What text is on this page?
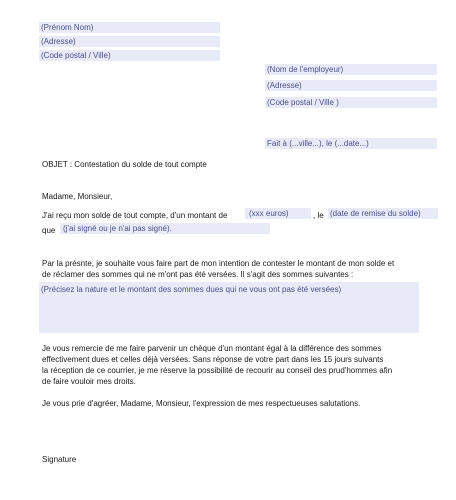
(Prénom Nom)
(Adresse)
(Code postal / Ville)
(Nom de l'employeur)
(Adresse)
(Code postal / Ville )
Fait à (...ville...), le (...date...)
OBJET : Contestation du solde de tout compte
Madame, Monsieur,
J'ai reçu mon solde de tout compte, d'un montant de	(xxx euros)	, le (date de remise du solde)
que (j'ai signé ou je n'ai pas signé).
Par la présnte, je souhaite vous faire part de mon intention de contester le montant de mon solde et
de réclamer des sommes qui ne m'ont pas été versées. Il s'agit des sommes suivantes :
(Précisez la nature et le montant des sommes dues qui ne vous ont pas été versées)
Je vous remercie de me faire parvenir un chèque d'un montant égal à la différence des sommes
effectivement dues et celles déjà versées. Sans réponse de votre part dans les 15 jours suivants
la réception de ce courrier, je me réserve la possibilité de recourir au conseil des prud'hommes afin
de faire vouloir mes droits.
Je vous prie d'agréer, Madame, Monsieur, l'expression de mes respectueuses salutations.
Signature
